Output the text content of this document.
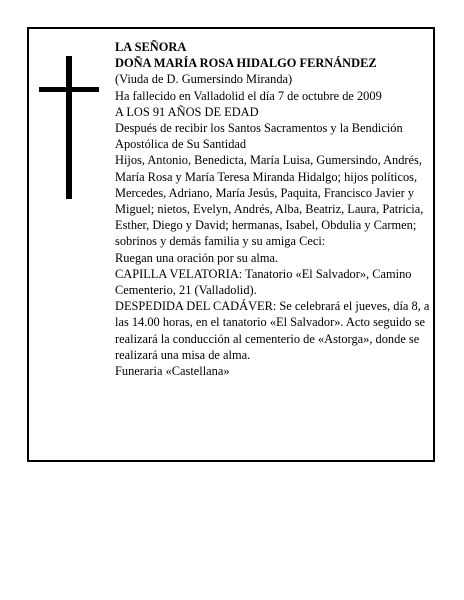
LA SEÑORA
DOÑA MARÍA ROSA HIDALGO FERNÁNDEZ
(Viuda de D. Gumersindo Miranda)
Ha fallecido en Valladolid el día 7 de octubre de 2009
A LOS 91 AÑOS DE EDAD
Después de recibir los Santos Sacramentos y la Bendición Apostólica de Su Santidad
Hijos, Antonio, Benedicta, María Luisa, Gumersindo, Andrés, María Rosa y María Teresa Miranda Hidalgo; hijos políticos, Mercedes, Adriano, María Jesús, Paquita, Francisco Javier y Miguel; nietos, Evelyn, Andrés, Alba, Beatriz, Laura, Patricia, Esther, Diego y David; hermanas, Isabel, Obdulia y Carmen; sobrinos y demás familia y su amiga Ceci:
Ruegan una oración por su alma.
CAPILLA VELATORIA: Tanatorio «El Salvador», Camino Cementerio, 21 (Valladolid).
DESPEDIDA DEL CADÁVER: Se celebrará el jueves, día 8, a las 14.00 horas, en el tanatorio «El Salvador». Acto seguido se realizará la conducción al cementerio de «Astorga», donde se realizará una misa de alma.
Funeraria «Castellana»
